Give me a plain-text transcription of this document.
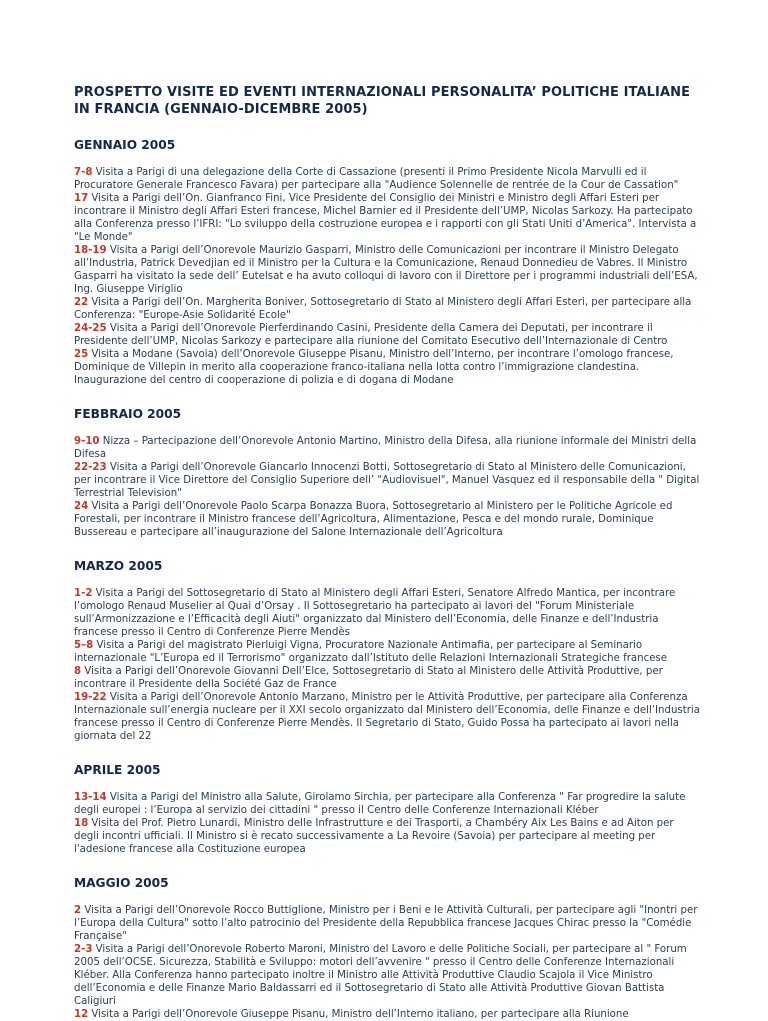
PROSPETTO VISITE ED EVENTI INTERNAZIONALI PERSONALITA’ POLITICHE ITALIANE IN FRANCIA (GENNAIO-DICEMBRE 2005)
GENNAIO 2005

7-8 Visita a Parigi di una delegazione della Corte di Cassazione (presenti il Primo Presidente Nicola Marvulli ed il Procuratore Generale Francesco Favara) per partecipare alla "Audience Solennelle de rentrée de la Cour de Cassation"

17 Visita a Parigi dell’On. Gianfranco Fini, Vice Presidente del Consiglio dei Ministri e Ministro degli Affari Esteri per incontrare il Ministro degli Affari Esteri francese, Michel Barnier ed il Presidente dell’UMP, Nicolas Sarkozy. Ha partecipato alla Conferenza presso l’IFRI: "Lo sviluppo della costruzione europea e i rapporti con gli Stati Uniti d’America". Intervista a "Le Monde"

18-19 Visita a Parigi dell’Onorevole Maurizio Gasparri, Ministro delle Comunicazioni per incontrare il Ministro Delegato all’Industria, Patrick Devedjian ed il Ministro per la Cultura e la Comunicazione, Renaud Donnedieu de Vabres. Il Ministro Gasparri ha visitato la sede dell’ Eutelsat e ha avuto colloqui di lavoro con il Direttore per i programmi industriali dell’ESA, Ing. Giuseppe Viriglio

22 Visita a Parigi dell’On. Margherita Boniver, Sottosegretario di Stato al Ministero degli Affari Esteri, per partecipare alla Conferenza: "Europe-Asie Solidarité Ecole"

24-25 Visita a Parigi dell’Onorevole Pierferdinando Casini, Presidente della Camera dei Deputati, per incontrare il Presidente dell’UMP, Nicolas Sarkozy e partecipare alla riunione del Comitato Esecutivo dell’Internazionale di Centro

25 Visita a Modane (Savoia) dell’Onorevole Giuseppe Pisanu, Ministro dell’Interno, per incontrare l’omologo francese, Dominique de Villepin in merito alla cooperazione franco-italiana nella lotta contro l’immigrazione clandestina. Inaugurazione del centro di cooperazione di polizia e di dogana di Modane

FEBBRAIO 2005

9-10 Nizza – Partecipazione dell’Onorevole Antonio Martino, Ministro della Difesa, alla riunione informale dei Ministri della Difesa

22-23 Visita a Parigi dell’Onorevole Giancarlo Innocenzi Botti, Sottosegretario di Stato al Ministero delle Comunicazioni, per incontrare il Vice Direttore del Consiglio Superiore dell’ "Audiovisuel", Manuel Vasquez ed il responsabile della " Digital Terrestrial Television"

24 Visita a Parigi dell’Onorevole Paolo Scarpa Bonazza Buora, Sottosegretario al Ministero per le Politiche Agricole ed Forestali, per incontrare il Ministro francese dell’Agricoltura, Alimentazione, Pesca e del mondo rurale, Dominique Bussereau e partecipare all’inaugurazione del Salone Internazionale dell’Agricoltura

MARZO 2005

1-2 Visita a Parigi del Sottosegretario di Stato al Ministero degli Affari Esteri, Senatore Alfredo Mantica, per incontrare l’omologo Renaud Muselier al Quai d’Orsay . Il Sottosegretario ha partecipato ai lavori del "Forum Ministeriale sull’Armonizzazione e l’Efficacità degli Aiuti" organizzato dal Ministero dell’Economia, delle Finanze e dell’Industria francese presso il Centro di Conferenze Pierre Mendès

5–8 Visita a Parigi del magistrato Pierluigi Vigna, Procuratore Nazionale Antimafia, per partecipare al Seminario internazionale "L’Europa ed il Terrorismo" organizzato dall’Istituto delle Relazioni Internazionali Strategiche francese

8 Visita a Parigi dell’Onorevole Giovanni Dell’Elce, Sottosegretario di Stato al Ministero delle Attività Produttive, per incontrare il Presidente della Société Gaz de France

19-22 Visita a Parigi dell’Onorevole Antonio Marzano, Ministro per le Attività Produttive, per partecipare alla Conferenza Internazionale sull’energia nucleare per il XXI secolo organizzato dal Ministero dell’Economia, delle Finanze e dell’Industria francese presso il Centro di Conferenze Pierre Mendès. Il Segretario di Stato, Guido Possa ha partecipato ai lavori nella giornata del 22

APRILE 2005

13-14 Visita a Parigi del Ministro alla Salute, Girolamo Sirchia, per partecipare alla Conferenza " Far progredire la salute degli europei : l’Europa al servizio dei cittadini " presso il Centro delle Conferenze Internazionali Kléber

18 Visita del Prof. Pietro Lunardi, Ministro delle Infrastrutture e dei Trasporti, a Chambéry Aix Les Bains e ad Aiton per degli incontri ufficiali. Il Ministro si è recato successivamente a La Revoire (Savoia) per partecipare al meeting per l'adesione francese alla Costituzione europea

MAGGIO 2005

2 Visita a Parigi dell’Onorevole Rocco Buttiglione, Ministro per i Beni e le Attività Culturali, per partecipare agli "Inontri per l’Europa della Cultura" sotto l’alto patrocinio del Presidente della Repubblica francese Jacques Chirac presso la "Comédie Française"

2-3 Visita a Parigi dell’Onorevole Roberto Maroni, Ministro del Lavoro e delle Politiche Sociali, per partecipare al " Forum 2005 dell’OCSE. Sicurezza, Stabilità e Sviluppo: motori dell’avvenire " presso il Centro delle Conferenze Internazionali Kléber. Alla Conferenza hanno partecipato inoltre il Ministro alle Attività Produttive Claudio Scajola il Vice Ministro dell’Economia e delle Finanze Mario Baldassarri ed il Sottosegretario di Stato alle Attività Produttive Giovan Battista Caligiuri

12 Visita a Parigi dell’Onorevole Giuseppe Pisanu, Ministro dell’Interno italiano, per partecipare alla Riunione
